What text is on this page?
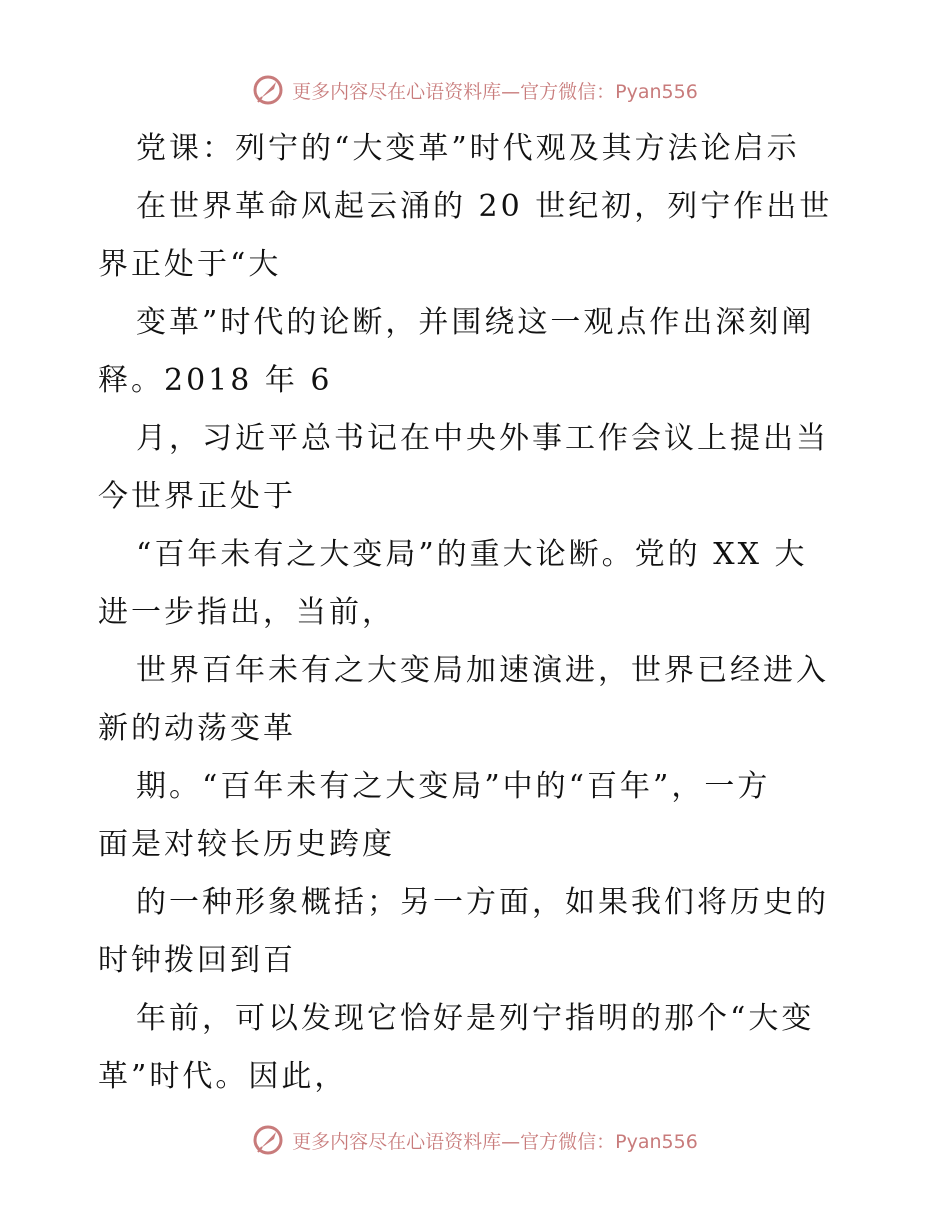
更多内容尽在心语资料库—官方微信：Pyan556
党课：列宁的“大变革”时代观及其方法论启示
在世界革命风起云涌的 20 世纪初，列宁作出世
界正处于“大
变革”时代的论断，并围绕这一观点作出深刻阐
释。2018 年 6
月，习近平总书记在中央外事工作会议上提出当
今世界正处于
“百年未有之大变局”的重大论断。党的 XX 大
进一步指出，当前，
世界百年未有之大变局加速演进，世界已经进入
新的动荡变革
期。“百年未有之大变局”中的“百年”，一方
面是对较长历史跨度
的一种形象概括；另一方面，如果我们将历史的
时钟拨回到百
年前，可以发现它恰好是列宁指明的那个“大变
革”时代。因此，
更多内容尽在心语资料库—官方微信：Pyan556
